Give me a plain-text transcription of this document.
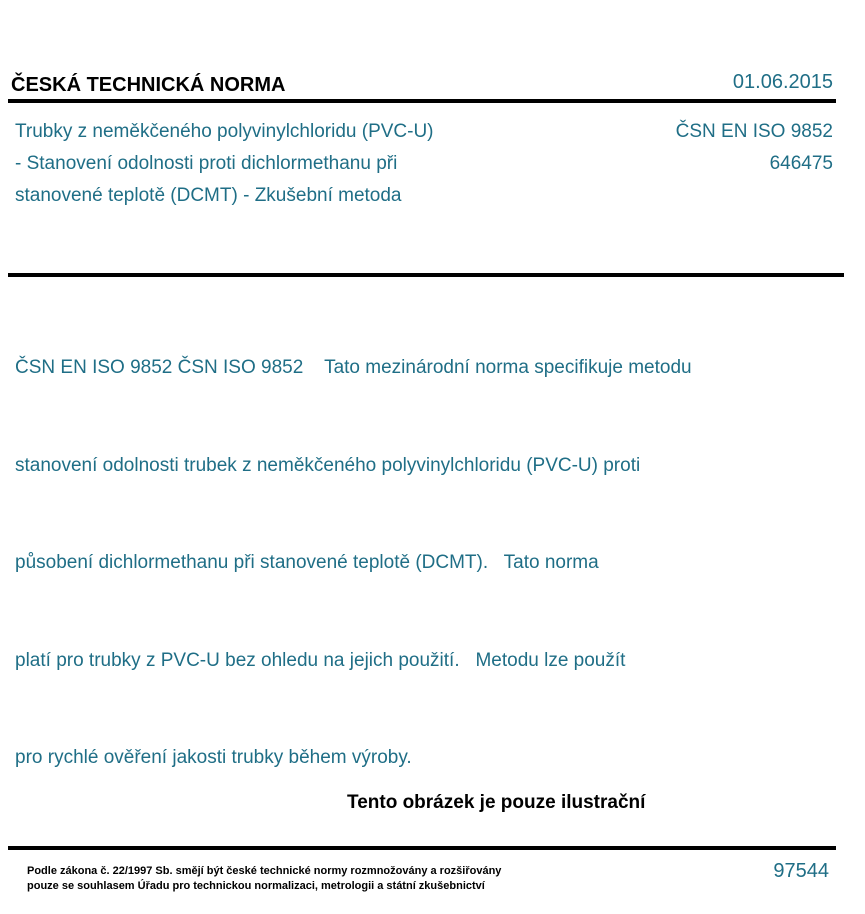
ČESKÁ TECHNICKÁ NORMA	01.06.2015
Trubky z neměkčeného polyvinylchloridu (PVC-U)
- Stanovení odolnosti proti dichlormethanu při
stanovené teplotě (DCMT) - Zkušební metoda
ČSN EN ISO 9852
646475

ČSN EN ISO 9852 ČSN ISO 9852    Tato mezinárodní norma specifikuje metodu

stanovení odolnosti trubek z neměkčeného polyvinylchloridu (PVC-U) proti

působení dichlormethanu při stanovené teplotě (DCMT).   Tato norma

platí pro trubky z PVC-U bez ohledu na jejich použití.   Metodu lze použít

pro rychlé ověření jakosti trubky během výroby.

Tento obrázek je pouze ilustrační
Podle zákona č. 22/1997 Sb. smějí být české technické normy rozmnožovány a rozšiřovány
pouze se souhlasem Úřadu pro technickou normalizaci, metrologii a státní zkušebnictví
97544
